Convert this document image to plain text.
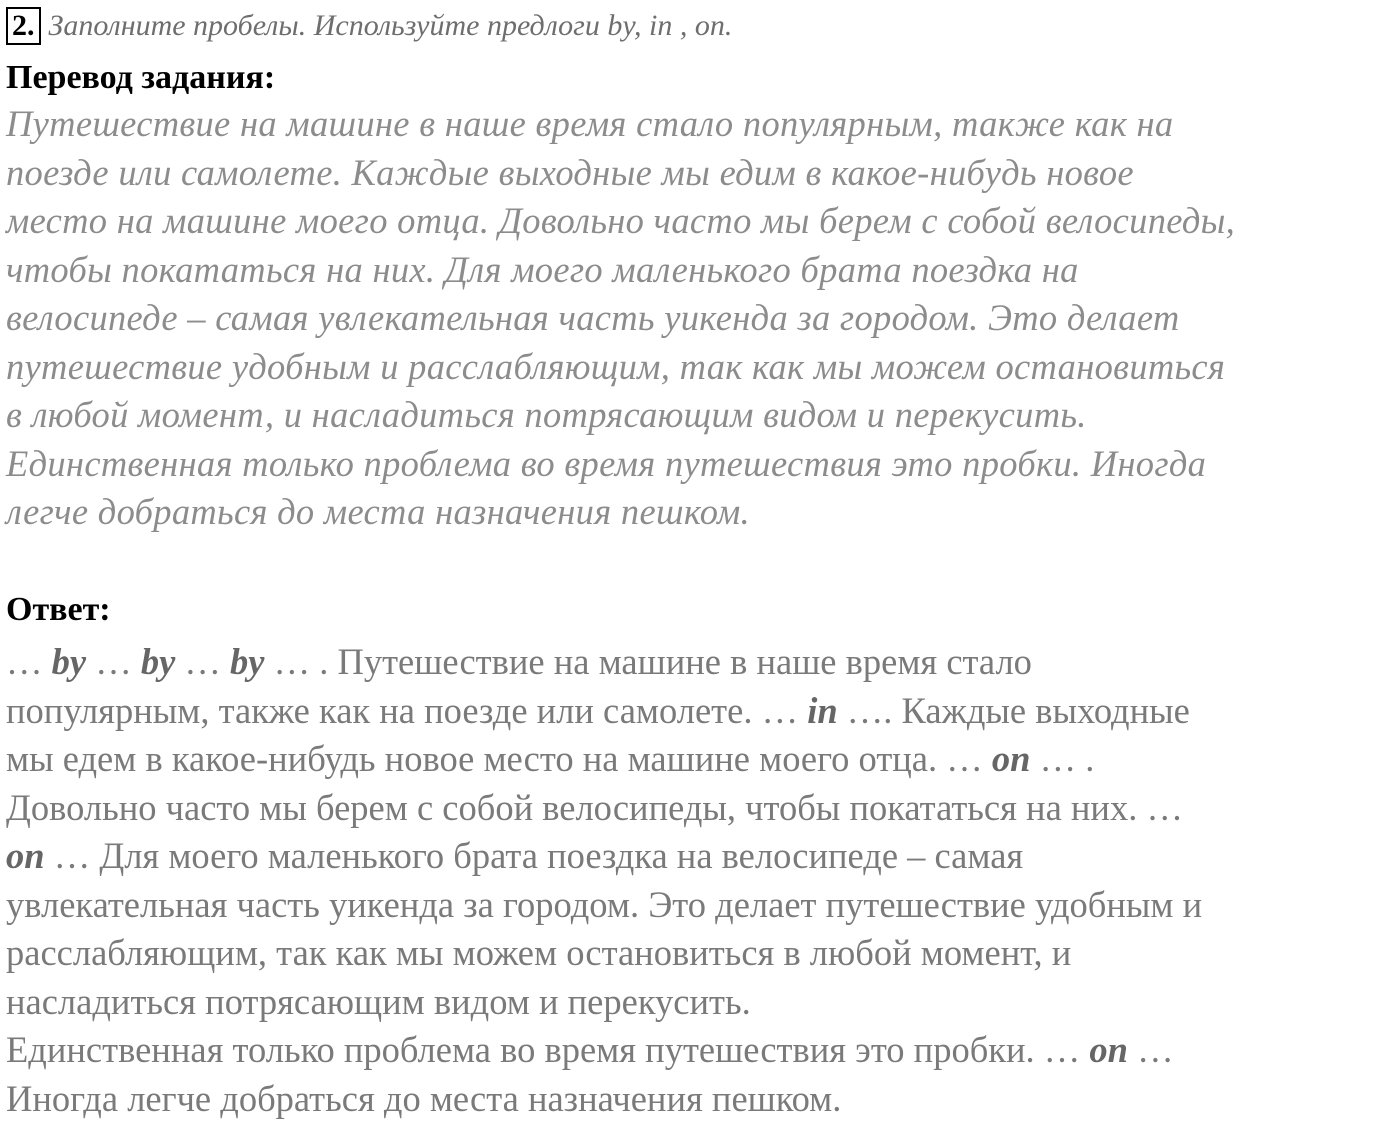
2. Заполните пробелы. Используйте предлоги by, in , on.
Перевод задания:
Путешествие на машине в наше время стало популярным, также как на
поезде или самолете. Каждые выходные мы едим в какое-нибудь новое
место на машине моего отца. Довольно часто мы берем с собой велосипеды,
чтобы покататься на них. Для моего маленького брата поездка на
велосипеде – самая увлекательная часть уикенда за городом. Это делает
путешествие удобным и расслабляющим, так как мы можем остановиться
в любой момент, и насладиться потрясающим видом и перекусить.
Единственная только проблема во время путешествия это пробки. Иногда
легче добраться до места назначения пешком.
Ответ:
… by … by … by … . Путешествие на машине в наше время стало
популярным, также как на поезде или самолете. … in …. Каждые выходные
мы едем в какое-нибудь новое место на машине моего отца. … on … .
Довольно часто мы берем с собой велосипеды, чтобы покататься на них. …
on … Для моего маленького брата поездка на велосипеде – самая
увлекательная часть уикенда за городом. Это делает путешествие удобным и
расслабляющим, так как мы можем остановиться в любой момент, и
насладиться потрясающим видом и перекусить.
Единственная только проблема во время путешествия это пробки. … on …
Иногда легче добраться до места назначения пешком.
